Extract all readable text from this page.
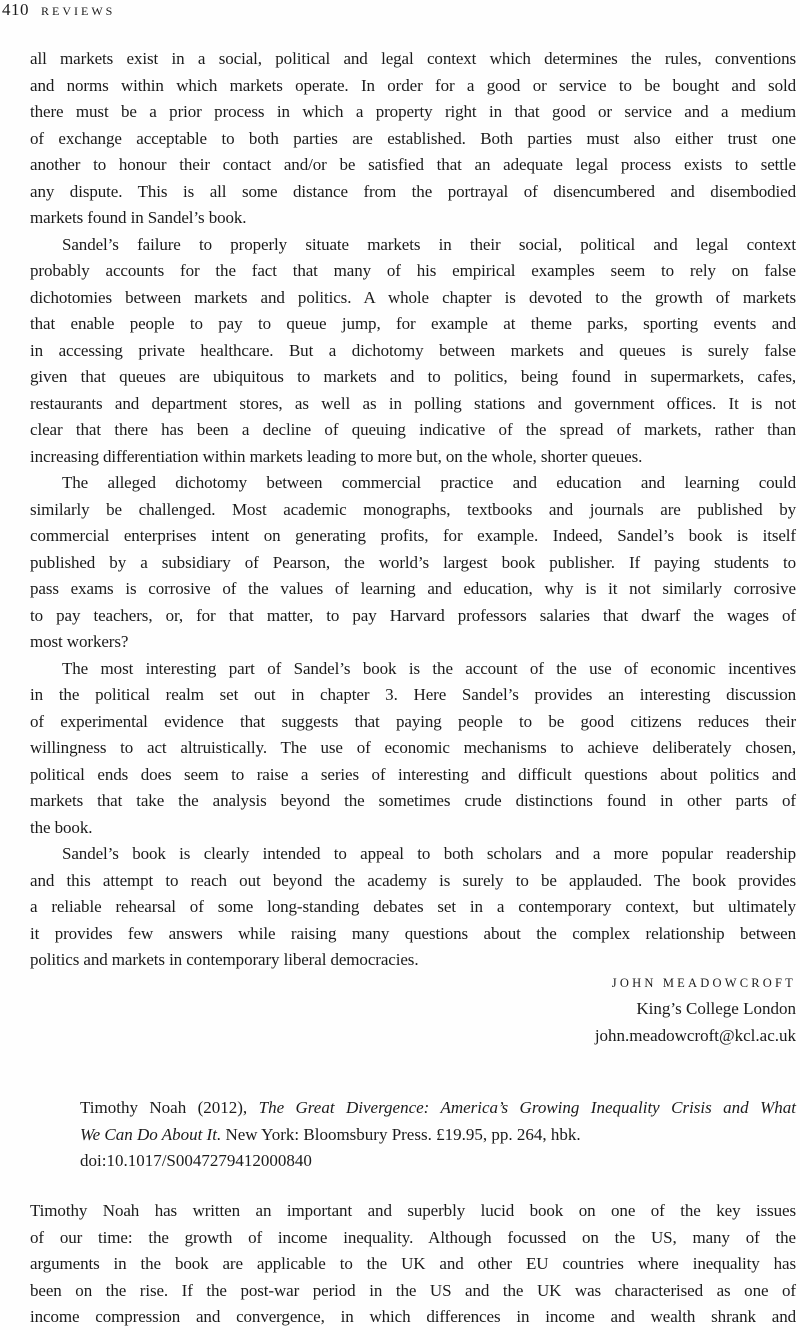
410 REVIEWS
all markets exist in a social, political and legal context which determines the rules, conventions
and norms within which markets operate. In order for a good or service to be bought and sold
there must be a prior process in which a property right in that good or service and a medium
of exchange acceptable to both parties are established. Both parties must also either trust one
another to honour their contact and/or be satisfied that an adequate legal process exists to settle
any dispute. This is all some distance from the portrayal of disencumbered and disembodied
markets found in Sandel’s book.
Sandel’s failure to properly situate markets in their social, political and legal context
probably accounts for the fact that many of his empirical examples seem to rely on false
dichotomies between markets and politics. A whole chapter is devoted to the growth of markets
that enable people to pay to queue jump, for example at theme parks, sporting events and
in accessing private healthcare. But a dichotomy between markets and queues is surely false
given that queues are ubiquitous to markets and to politics, being found in supermarkets, cafes,
restaurants and department stores, as well as in polling stations and government offices. It is not
clear that there has been a decline of queuing indicative of the spread of markets, rather than
increasing differentiation within markets leading to more but, on the whole, shorter queues.
The alleged dichotomy between commercial practice and education and learning could
similarly be challenged. Most academic monographs, textbooks and journals are published by
commercial enterprises intent on generating profits, for example. Indeed, Sandel’s book is itself
published by a subsidiary of Pearson, the world’s largest book publisher. If paying students to
pass exams is corrosive of the values of learning and education, why is it not similarly corrosive
to pay teachers, or, for that matter, to pay Harvard professors salaries that dwarf the wages of
most workers?
The most interesting part of Sandel’s book is the account of the use of economic incentives
in the political realm set out in chapter 3. Here Sandel’s provides an interesting discussion
of experimental evidence that suggests that paying people to be good citizens reduces their
willingness to act altruistically. The use of economic mechanisms to achieve deliberately chosen,
political ends does seem to raise a series of interesting and difficult questions about politics and
markets that take the analysis beyond the sometimes crude distinctions found in other parts of
the book.
Sandel’s book is clearly intended to appeal to both scholars and a more popular readership
and this attempt to reach out beyond the academy is surely to be applauded. The book provides
a reliable rehearsal of some long-standing debates set in a contemporary context, but ultimately
it provides few answers while raising many questions about the complex relationship between
politics and markets in contemporary liberal democracies.
JOHN MEADOWCROFT
King’s College London
john.meadowcroft@kcl.ac.uk
Timothy Noah (2012), The Great Divergence: America’s Growing Inequality Crisis and What
We Can Do About It. New York: Bloomsbury Press. £19.95, pp. 264, hbk.
doi:10.1017/S0047279412000840
Timothy Noah has written an important and superbly lucid book on one of the key issues
of our time: the growth of income inequality. Although focussed on the US, many of the
arguments in the book are applicable to the UK and other EU countries where inequality has
been on the rise. If the post-war period in the US and the UK was characterised as one of
income compression and convergence, in which differences in income and wealth shrank and
